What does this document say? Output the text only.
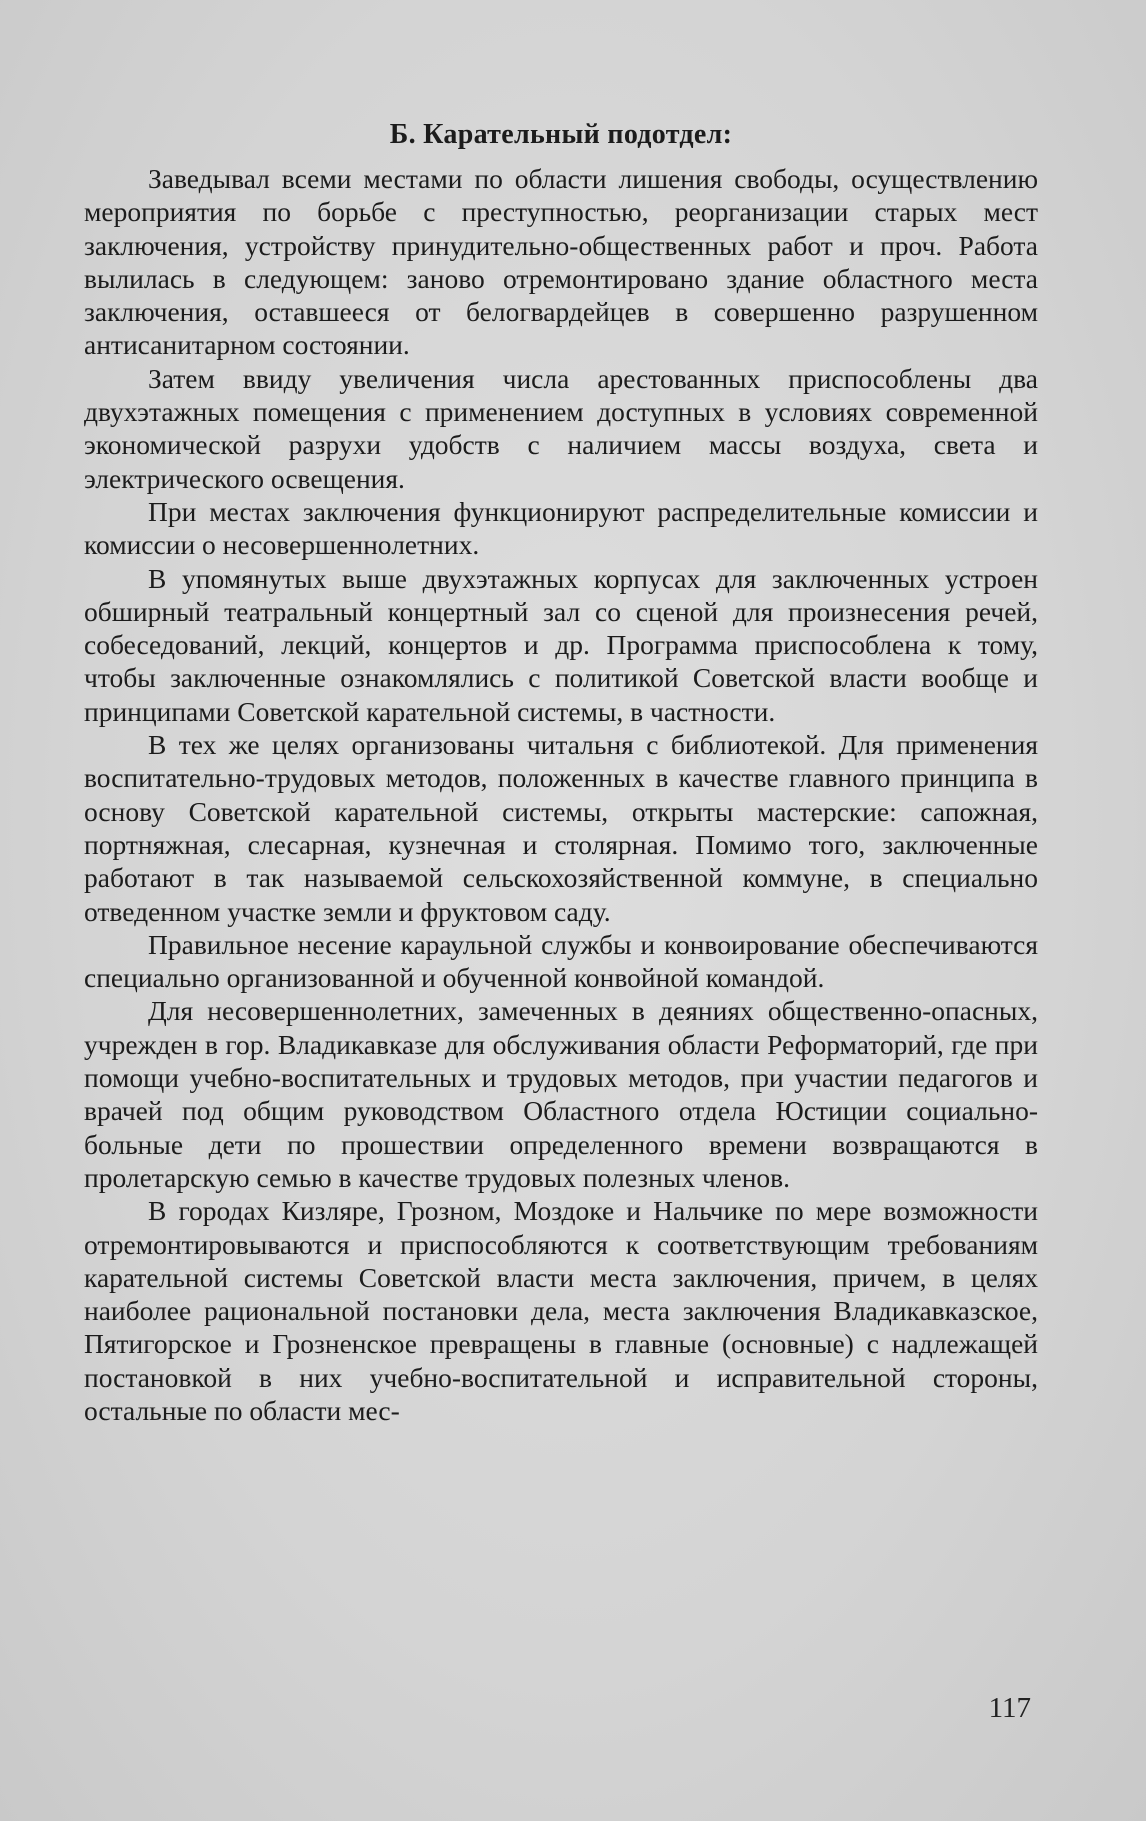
Б. Карательный подотдел:

Заведывал всеми местами по области лишения свободы, осуществлению мероприятия по борьбе с преступностью, реорганизации старых мест заключения, устройству принудительно-общественных работ и проч. Работа вылилась в следующем: заново отремонтировано здание областного места заключения, оставшееся от белогвардейцев в совершенно разрушенном антисанитарном состоянии.

Затем ввиду увеличения числа арестованных приспособлены два двухэтажных помещения с применением доступных в условиях современной экономической разрухи удобств с наличием массы воздуха, света и электрического освещения.

При местах заключения функционируют распределительные комиссии и комиссии о несовершеннолетних.

В упомянутых выше двухэтажных корпусах для заключенных устроен обширный театральный концертный зал со сценой для произнесения речей, собеседований, лекций, концертов и др. Программа приспособлена к тому, чтобы заключенные ознакомлялись с политикой Советской власти вообще и принципами Советской карательной системы, в частности.

В тех же целях организованы читальня с библиотекой. Для применения воспитательно-трудовых методов, положенных в качестве главного принципа в основу Советской карательной системы, открыты мастерские: сапожная, портняжная, слесарная, кузнечная и столярная. Помимо того, заключенные работают в так называемой сельскохозяйственной коммуне, в специально отведенном участке земли и фруктовом саду.

Правильное несение караульной службы и конвоирование обеспечиваются специально организованной и обученной конвойной командой.

Для несовершеннолетних, замеченных в деяниях общественно-опасных, учрежден в гор. Владикавказе для обслуживания области Реформаторий, где при помощи учебно-воспитательных и трудовых методов, при участии педагогов и врачей под общим руководством Областного отдела Юстиции социально-больные дети по прошествии определенного времени возвращаются в пролетарскую семью в качестве трудовых полезных членов.

В городах Кизляре, Грозном, Моздоке и Нальчике по мере возможности отремонтировываются и приспособляются к соответствующим требованиям карательной системы Советской власти места заключения, причем, в целях наиболее рациональной постановки дела, места заключения Владикавказское, Пятигорское и Грозненское превращены в главные (основные) с надлежащей постановкой в них учебно-воспитательной и исправительной стороны, остальные по области мес-

117
